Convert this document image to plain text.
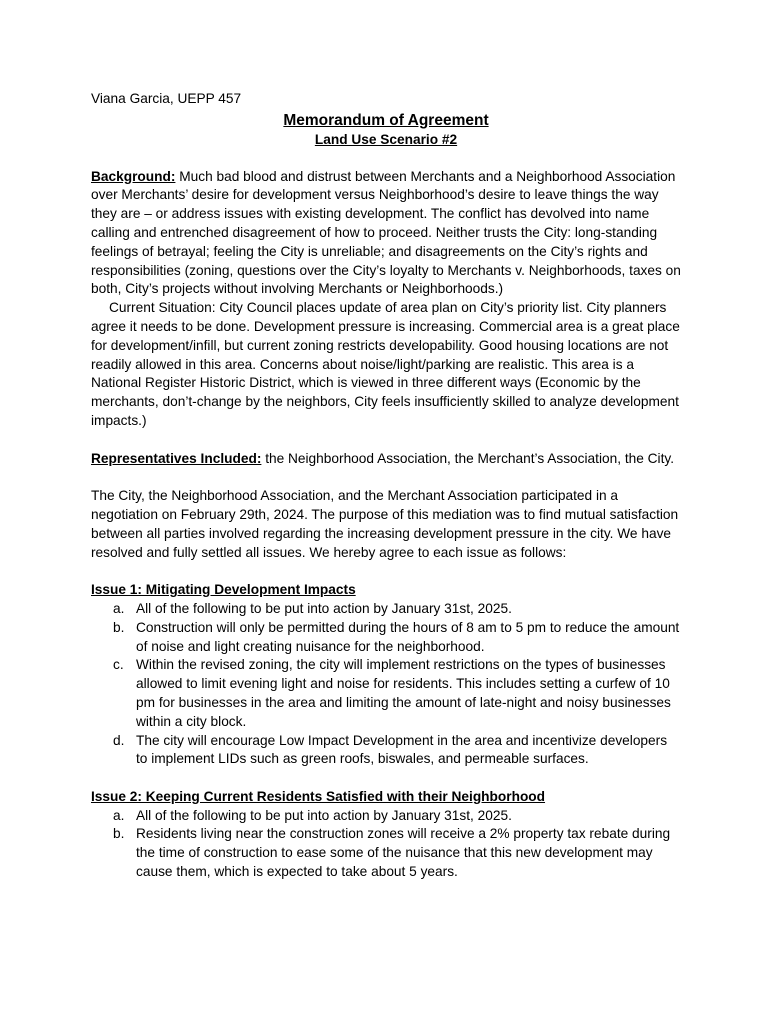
Viana Garcia, UEPP 457

Memorandum of Agreement

Land Use Scenario #2

Background: Much bad blood and distrust between Merchants and a Neighborhood Association over Merchants’ desire for development versus Neighborhood’s desire to leave things the way they are – or address issues with existing development. The conflict has devolved into name calling and entrenched disagreement of how to proceed. Neither trusts the City: long-standing feelings of betrayal; feeling the City is unreliable; and disagreements on the City’s rights and responsibilities (zoning, questions over the City’s loyalty to Merchants v. Neighborhoods, taxes on both, City’s projects without involving Merchants or Neighborhoods.)

Current Situation: City Council places update of area plan on City’s priority list. City planners agree it needs to be done. Development pressure is increasing. Commercial area is a great place for development/infill, but current zoning restricts developability. Good housing locations are not readily allowed in this area. Concerns about noise/light/parking are realistic. This area is a National Register Historic District, which is viewed in three different ways (Economic by the merchants, don’t-change by the neighbors, City feels insufficiently skilled to analyze development impacts.)

Representatives Included: the Neighborhood Association, the Merchant’s Association, the City.

The City, the Neighborhood Association, and the Merchant Association participated in a negotiation on February 29th, 2024. The purpose of this mediation was to find mutual satisfaction between all parties involved regarding the increasing development pressure in the city. We have resolved and fully settled all issues. We hereby agree to each issue as follows:

Issue 1: Mitigating Development Impacts

a. All of the following to be put into action by January 31st, 2025.
b. Construction will only be permitted during the hours of 8 am to 5 pm to reduce the amount of noise and light creating nuisance for the neighborhood.
c. Within the revised zoning, the city will implement restrictions on the types of businesses allowed to limit evening light and noise for residents. This includes setting a curfew of 10 pm for businesses in the area and limiting the amount of late-night and noisy businesses within a city block.
d. The city will encourage Low Impact Development in the area and incentivize developers to implement LIDs such as green roofs, biswales, and permeable surfaces.

Issue 2: Keeping Current Residents Satisfied with their Neighborhood

a. All of the following to be put into action by January 31st, 2025.
b. Residents living near the construction zones will receive a 2% property tax rebate during the time of construction to ease some of the nuisance that this new development may cause them, which is expected to take about 5 years.
